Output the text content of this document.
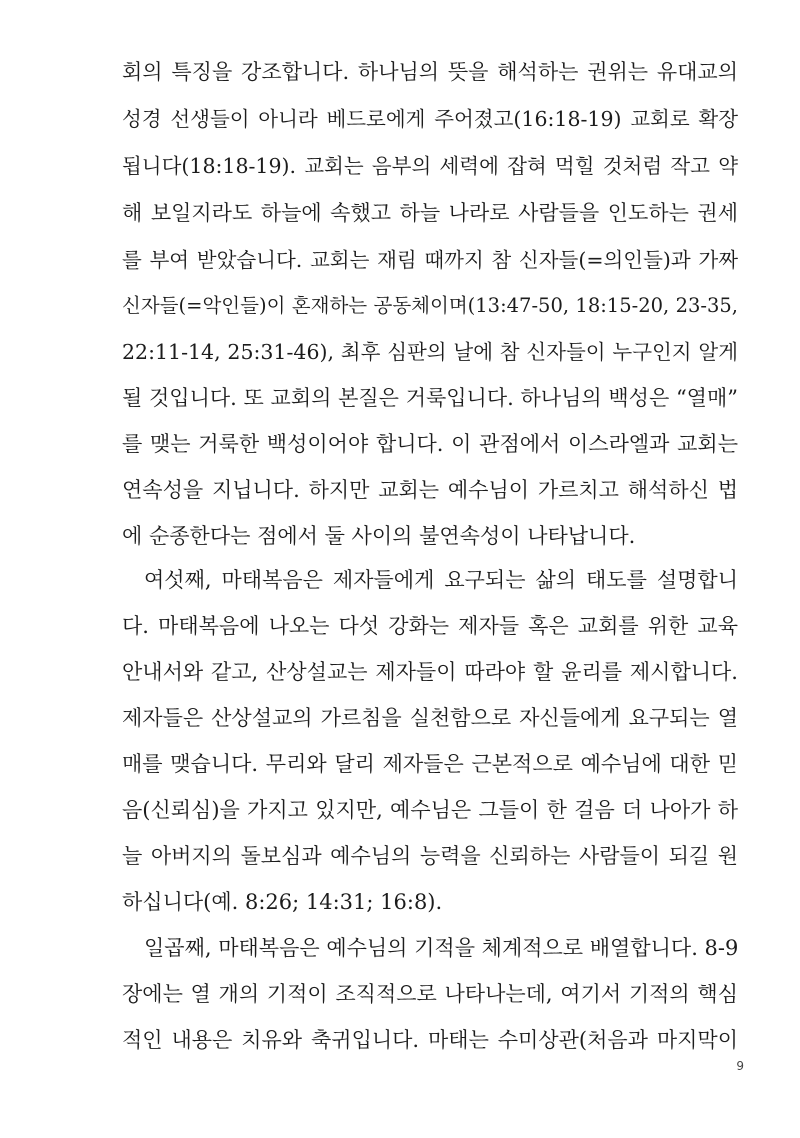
회의 특징을 강조합니다. 하나님의 뜻을 해석하는 권위는 유대교의
성경 선생들이 아니라 베드로에게 주어졌고(16:18-19) 교회로 확장
됩니다(18:18-19). 교회는 음부의 세력에 잡혀 먹힐 것처럼 작고 약
해 보일지라도 하늘에 속했고 하늘 나라로 사람들을 인도하는 권세
를 부여 받았습니다. 교회는 재림 때까지 참 신자들(=의인들)과 가짜
신자들(=악인들)이 혼재하는 공동체이며(13:47-50, 18:15-20, 23-35,
22:11-14, 25:31-46), 최후 심판의 날에 참 신자들이 누구인지 알게
될 것입니다. 또 교회의 본질은 거룩입니다. 하나님의 백성은 “열매”
를 맺는 거룩한 백성이어야 합니다. 이 관점에서 이스라엘과 교회는
연속성을 지닙니다. 하지만 교회는 예수님이 가르치고 해석하신 법
에 순종한다는 점에서 둘 사이의 불연속성이 나타납니다.
여섯째, 마태복음은 제자들에게 요구되는 삶의 태도를 설명합니
다. 마태복음에 나오는 다섯 강화는 제자들 혹은 교회를 위한 교육
안내서와 같고, 산상설교는 제자들이 따라야 할 윤리를 제시합니다.
제자들은 산상설교의 가르침을 실천함으로 자신들에게 요구되는 열
매를 맺습니다. 무리와 달리 제자들은 근본적으로 예수님에 대한 믿
음(신뢰심)을 가지고 있지만, 예수님은 그들이 한 걸음 더 나아가 하
늘 아버지의 돌보심과 예수님의 능력을 신뢰하는 사람들이 되길 원
하십니다(예. 8:26; 14:31; 16:8).
일곱째, 마태복음은 예수님의 기적을 체계적으로 배열합니다. 8-9
장에는 열 개의 기적이 조직적으로 나타나는데, 여기서 기적의 핵심
적인 내용은 치유와 축귀입니다. 마태는 수미상관(처음과 마지막이
9
